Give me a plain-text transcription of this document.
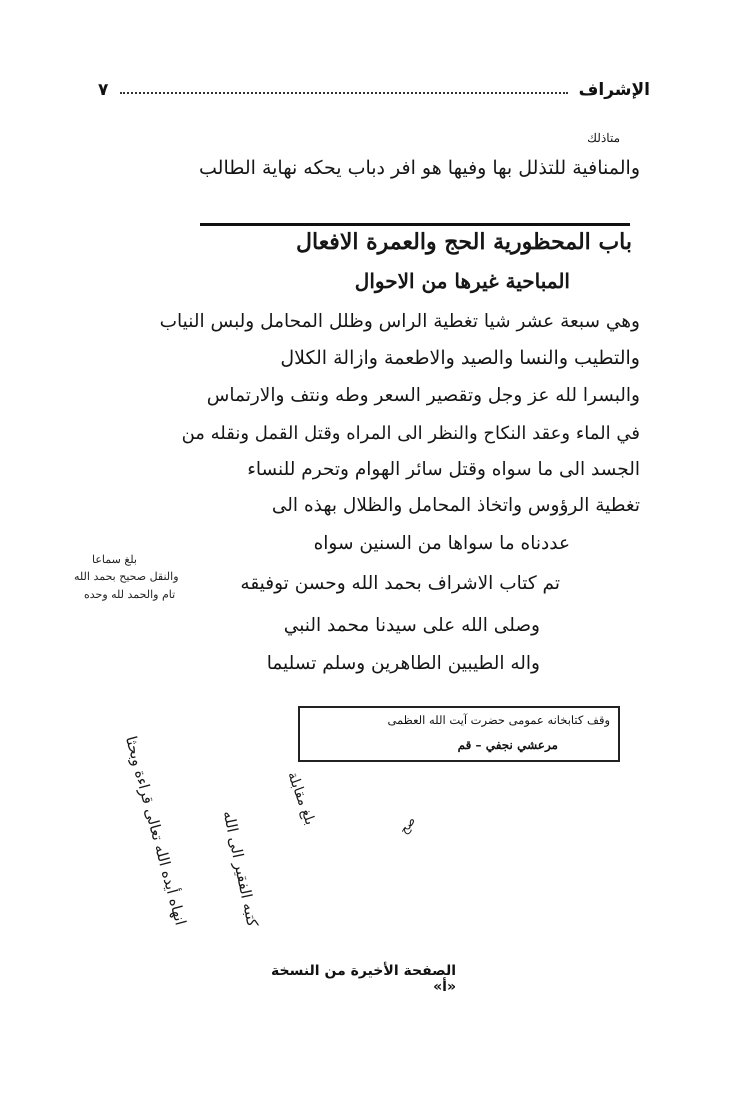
الإشراف
٧
متاذلك
والمنافية للتذلل بها وفيها هو افر دباب يحكه نهاية الطالب
باب المحظورية الحج والعمرة الافعال
المباحية غيرها من الاحوال
وهي سبعة عشر شيا تغطية الراس وظلل المحامل ولبس النياب
والتطيب والنسا والصيد والاطعمة وازالة الكلال
والبسرا لله عز وجل وتقصير السعر وطه ونتف والارتماس
في الماء وعقد النكاح والنظر الى المراه وقتل القمل ونقله من
الجسد الى ما سواه وقتل سائر الهوام وتحرم للنساء
تغطية الرؤوس واتخاذ المحامل والظلال بهذه الى
عددناه ما سواها من السنين سواه
تم كتاب الاشراف بحمد الله وحسن توفيقه
وصلى الله على سيدنا محمد النبي
واله الطيبين الطاهرين وسلم تسليما
بلغ سماعا
والنقل صحيح بحمد الله
تام والحمد لله وحده
وقف كتابخانه عمومى حضرت آيت الله العظمى
مرعشي نجفي – قم
انهاه أيده الله تعالى قراءة وبحثا	كتبه الفقير الى الله
بلغ مقابلة	صح
الصفحة الأخيرة من النسخة «أ»
